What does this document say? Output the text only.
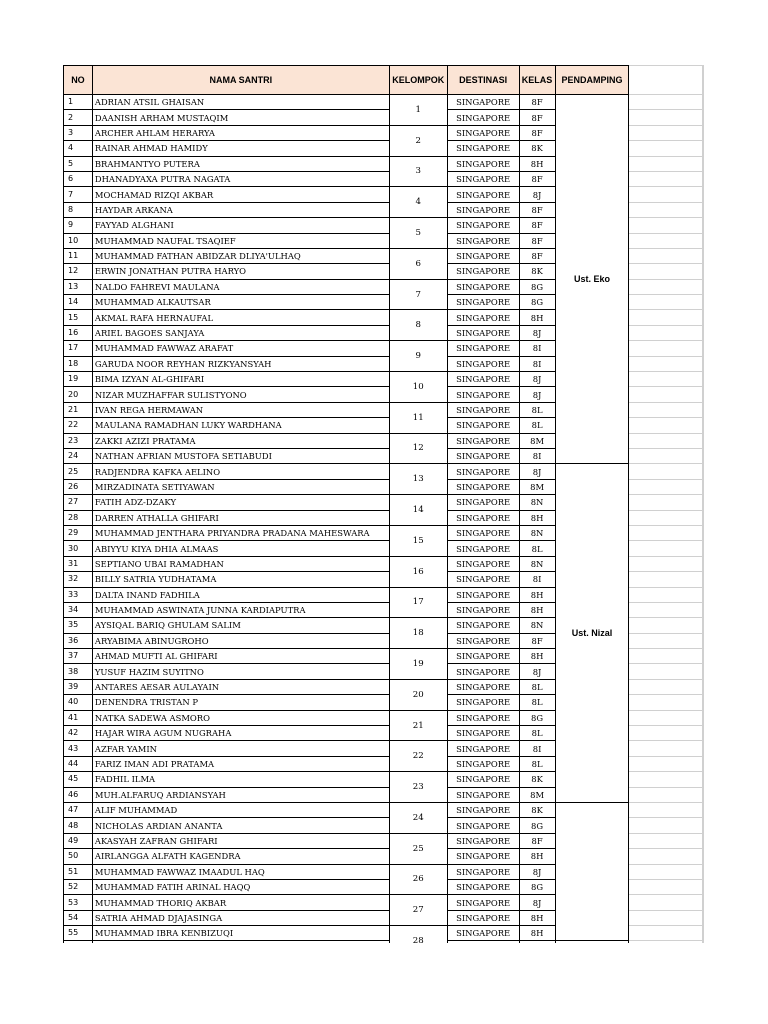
NO	NAMA SANTRI	KELOMPOK	DESTINASI	KELAS	PENDAMPING		
1	ADRIAN ATSIL GHAISAN	1	SINGAPORE	8F	Ust. Eko		
2	DAANISH ARHAM MUSTAQIM		SINGAPORE	8F			
3	ARCHER AHLAM HERARYA	2	SINGAPORE	8F			
4	RAINAR AHMAD HAMIDY		SINGAPORE	8K			
5	BRAHMANTYO PUTERA	3	SINGAPORE	8H			
6	DHANADYAXA PUTRA NAGATA		SINGAPORE	8F			
7	MOCHAMAD RIZQI AKBAR	4	SINGAPORE	8J			
8	HAYDAR ARKANA		SINGAPORE	8F			
9	FAYYAD ALGHANI	5	SINGAPORE	8F			
10	MUHAMMAD NAUFAL TSAQIEF		SINGAPORE	8F			
11	MUHAMMAD FATHAN ABIDZAR DLIYA'ULHAQ	6	SINGAPORE	8F			
12	ERWIN JONATHAN PUTRA HARYO		SINGAPORE	8K			
13	NALDO FAHREVI MAULANA	7	SINGAPORE	8G			
14	MUHAMMAD ALKAUTSAR		SINGAPORE	8G			
15	AKMAL RAFA HERNAUFAL	8	SINGAPORE	8H			
16	ARIEL BAGOES SANJAYA		SINGAPORE	8J			
17	MUHAMMAD FAWWAZ ARAFAT	9	SINGAPORE	8I			
18	GARUDA NOOR REYHAN RIZKYANSYAH		SINGAPORE	8I			
19	BIMA IZYAN AL-GHIFARI	10	SINGAPORE	8J			
20	NIZAR MUZHAFFAR SULISTYONO		SINGAPORE	8J			
21	IVAN REGA HERMAWAN	11	SINGAPORE	8L			
22	MAULANA RAMADHAN LUKY WARDHANA		SINGAPORE	8L			
23	ZAKKI AZIZI PRATAMA	12	SINGAPORE	8M			
24	NATHAN AFRIAN MUSTOFA SETIABUDI		SINGAPORE	8I			
25	RADJENDRA KAFKA AELINO	13	SINGAPORE	8J	Ust. Nizal		
26	MIRZADINATA SETIYAWAN		SINGAPORE	8M			
27	FATIH ADZ-DZAKY	14	SINGAPORE	8N			
28	DARREN ATHALLA GHIFARI		SINGAPORE	8H			
29	MUHAMMAD JENTHARA PRIYANDRA PRADANA MAHESWARA	15	SINGAPORE	8N			
30	ABIYYU KIYA DHIA ALMAAS		SINGAPORE	8L			
31	SEPTIANO UBAI RAMADHAN	16	SINGAPORE	8N			
32	BILLY SATRIA YUDHATAMA		SINGAPORE	8I			
33	DALTA INAND FADHILA	17	SINGAPORE	8H			
34	MUHAMMAD ASWINATA JUNNA KARDIAPUTRA		SINGAPORE	8H			
35	AYSIQAL BARIQ GHULAM SALIM	18	SINGAPORE	8N			
36	ARYABIMA ABINUGROHO		SINGAPORE	8F			
37	AHMAD MUFTI AL GHIFARI	19	SINGAPORE	8H			
38	YUSUF HAZIM SUYITNO		SINGAPORE	8J			
39	ANTARES AESAR AULAYAIN	20	SINGAPORE	8L			
40	DENENDRA TRISTAN P		SINGAPORE	8L			
41	NATKA SADEWA ASMORO	21	SINGAPORE	8G			
42	HAJAR WIRA AGUM NUGRAHA		SINGAPORE	8L			
43	AZFAR YAMIN	22	SINGAPORE	8I			
44	FARIZ IMAN ADI PRATAMA		SINGAPORE	8L			
45	FADHIL ILMA	23	SINGAPORE	8K			
46	MUH.ALFARUQ ARDIANSYAH		SINGAPORE	8M			
47	ALIF MUHAMMAD	24	SINGAPORE	8K			
48	NICHOLAS ARDIAN ANANTA		SINGAPORE	8G			
49	AKASYAH ZAFRAN GHIFARI	25	SINGAPORE	8F			
50	AIRLANGGA ALFATH KAGENDRA		SINGAPORE	8H			
51	MUHAMMAD FAWWAZ IMAADUL HAQ	26	SINGAPORE	8J			
52	MUHAMMAD FATIH ARINAL HAQQ		SINGAPORE	8G			
53	MUHAMMAD THORIQ AKBAR	27	SINGAPORE	8J			
54	SATRIA AHMAD DJAJASINGA		SINGAPORE	8H			
55	MUHAMMAD IBRA KENBIZUQI	28	SINGAPORE	8H			
